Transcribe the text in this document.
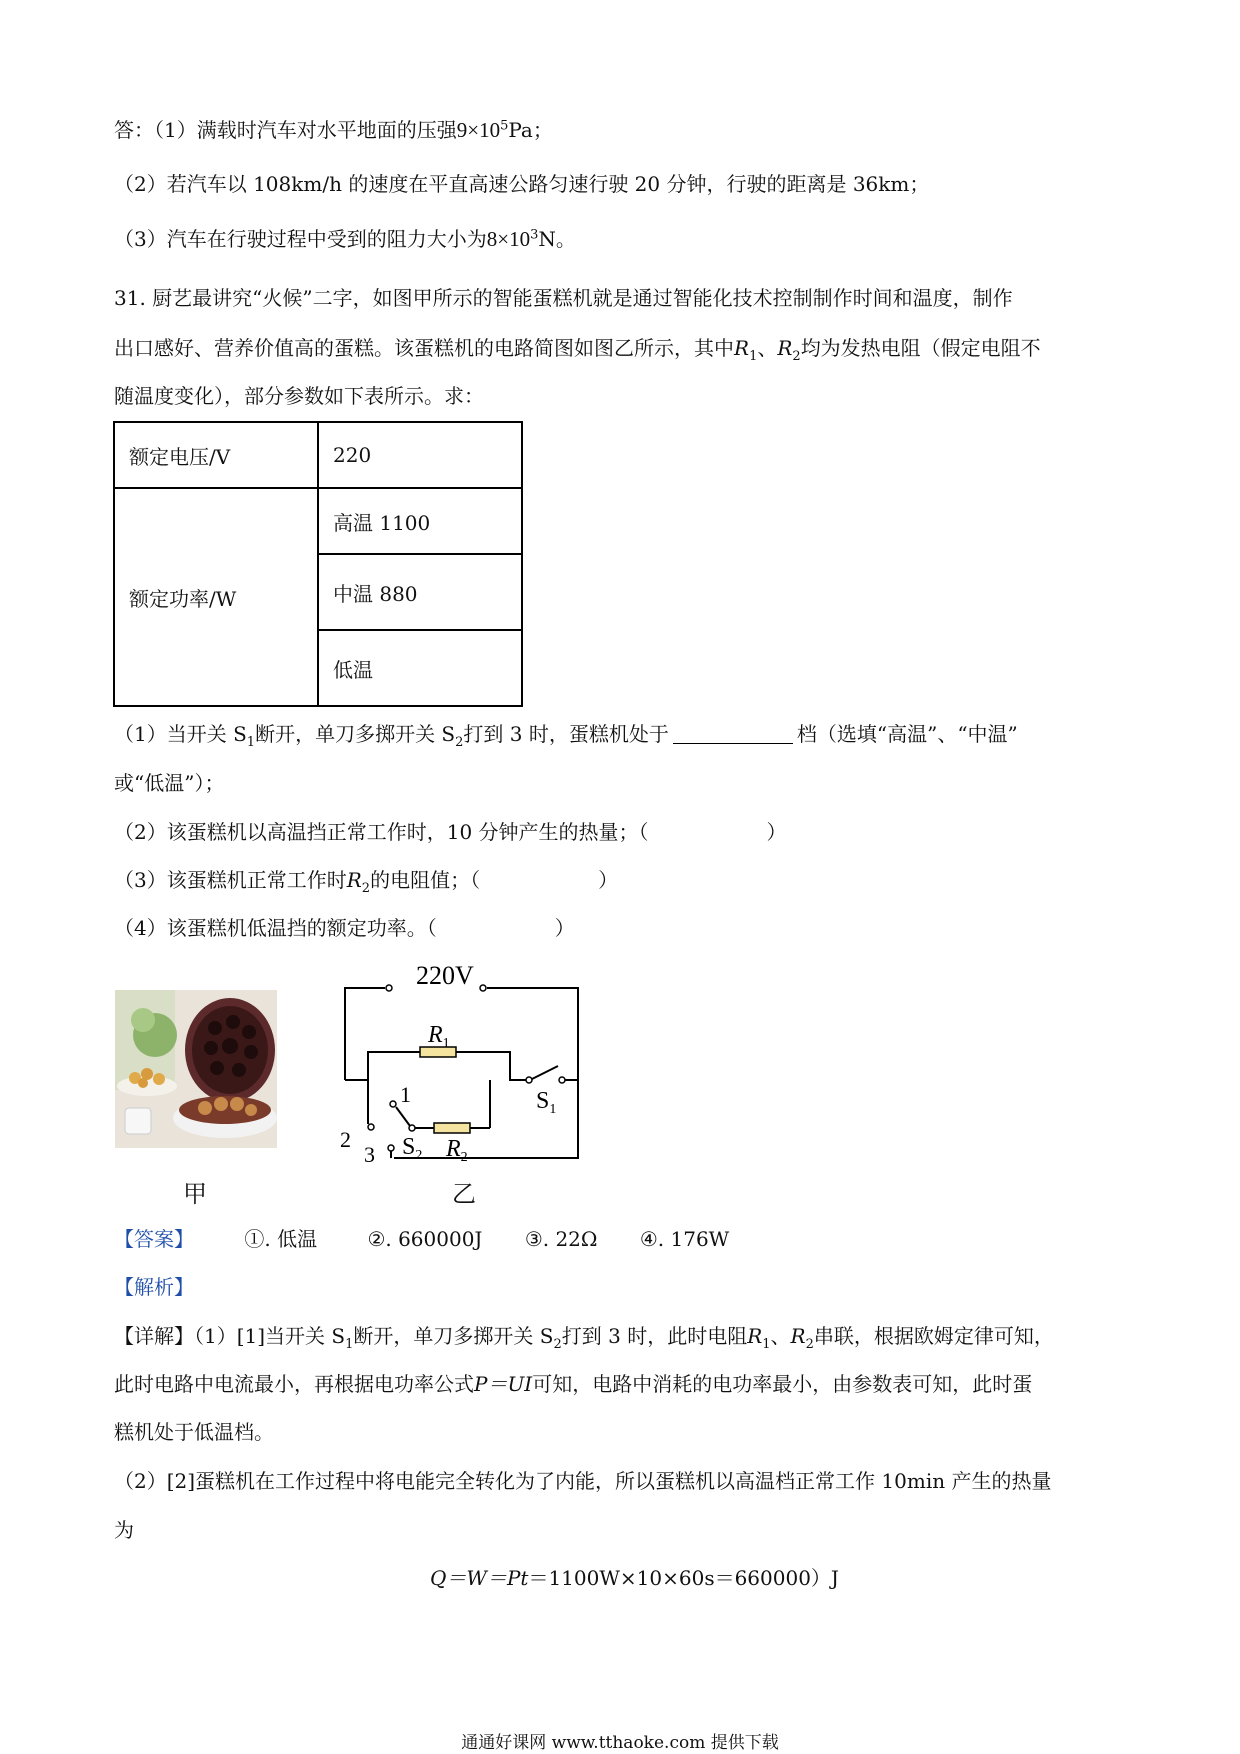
答：（1）满载时汽车对水平地面的压强$9\times 10^5Pa$；
（2）若汽车以 108km/h 的速度在平直高速公路匀速行驶 20 分钟，行驶的距离是 36km；
（3）汽车在行驶过程中受到的阻力大小为$8\times 10^3N$。
31. 厨艺最讲究“火候”二字，如图甲所示的智能蛋糕机就是通过智能化技术控制制作时间和温度，制作
出口感好、营养价值高的蛋糕。该蛋糕机的电路简图如图乙所示，其中$R_1$、$R_2$均为发热电阻（假定电阻不
随温度变化），部分参数如下表所示。求：
额定电压/V	220
额定功率/W	高温 1100
	中温 880
	低温
（1）当开关 $S_1$断开，单刀多掷开关 $S_2$打到 3 时，蛋糕机处于	档（选填“高温”、“中温”
或“低温”）；
（2）该蛋糕机以高温挡正常工作时，10 分钟产生的热量；（	）
（3）该蛋糕机正常工作时$R_2$的电阻值；（	）
（4）该蛋糕机低温挡的额定功率。（	）
220V
$R_1$
$S_1$
1
2
3 $S_2$ $R_2$
甲	乙
【答案】	①. 低温	②. 660000J ③. 22Ω ④. 176W
【解析】
【详解】（1）[1]当开关 $S_1$断开，单刀多掷开关 $S_2$打到 3 时，此时电阻$R_1$、$R_2$串联，根据欧姆定律可知，
此时电路中电流最小，再根据电功率公式P＝UI可知，电路中消耗的电功率最小，由参数表可知，此时蛋
糕机处于低温档。
（2）[2]蛋糕机在工作过程中将电能完全转化为了内能，所以蛋糕机以高温档正常工作 10min 产生的热量
为
Q＝W＝Pt＝1100W×10×60s＝660000）J
通通好课网 www.tthaoke.com 提供下载
